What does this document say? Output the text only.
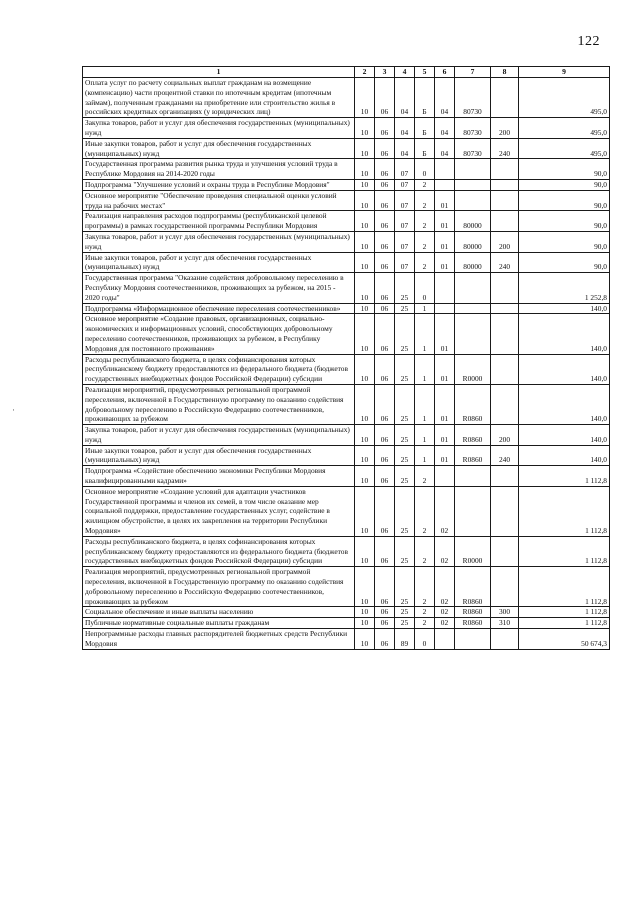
122
·
1	2	3	4	5	6	7	8	9
Оплата услуг по расчету социальных выплат гражданам на возмещение (компенсацию) части процентной ставки по ипотечным кредитам (ипотечным займам), полученным гражданами на приобретение или строительство жилья в российских кредитных организациях (у юридических лиц)	10	06	04	Б	04	80730		495,0
Закупка товаров, работ и услуг для обеспечения государственных (муниципальных) нужд	10	06	04	Б	04	80730	200	495,0
Иные закупки товаров, работ и услуг для обеспечения государственных (муниципальных) нужд	10	06	04	Б	04	80730	240	495,0
Государственная программа развития рынка труда и улучшения условий труда в Республике Мордовия на 2014-2020 годы	10	06	07	0				90,0
Подпрограмма "Улучшение условий и охраны труда в Республике Мордовия"	10	06	07	2				90,0
Основное мероприятие "Обеспечение проведения специальной оценки условий труда на рабочих местах"	10	06	07	2	01			90,0
Реализация направления расходов подпрограммы (республиканской целевой программы) в рамках государственной программы Республики Мордовия	10	06	07	2	01	80000		90,0
Закупка товаров, работ и услуг для обеспечения государственных (муниципальных) нужд	10	06	07	2	01	80000	200	90,0
Иные закупки товаров, работ и услуг для обеспечения государственных (муниципальных) нужд	10	06	07	2	01	80000	240	90,0
Государственная программа "Оказание содействия добровольному переселению в Республику Мордовия соотечественников, проживающих за рубежом, на 2015 - 2020 годы"	10	06	25	0				1 252,8
Подпрограмма «Информационное обеспечение переселения соотечественников»	10	06	25	1				140,0
Основное мероприятие «Создание правовых, организационных, социально-экономических и информационных условий, способствующих добровольному переселению соотечественников, проживающих за рубежом, в Республику Мордовия для постоянного проживания»	10	06	25	1	01			140,0
Расходы республиканского бюджета, в целях софинансирования которых республиканскому бюджету предоставляются из федерального бюджета (бюджетов государственных внебюджетных фондов Российской Федерации) субсидии	10	06	25	1	01	R0000		140,0
Реализация мероприятий, предусмотренных региональной программой переселения, включенной в Государственную программу по оказанию содействия добровольному переселению в Российскую Федерацию соотечественников, проживающих за рубежом	10	06	25	1	01	R0860		140,0
Закупка товаров, работ и услуг для обеспечения государственных (муниципальных) нужд	10	06	25	1	01	R0860	200	140,0
Иные закупки товаров, работ и услуг для обеспечения государственных (муниципальных) нужд	10	06	25	1	01	R0860	240	140,0
Подпрограмма «Содействие обеспечению экономики Республики Мордовия квалифицированными кадрами»	10	06	25	2				1 112,8
Основное мероприятие «Создание условий для адаптации участников Государственной программы и членов их семей, в том числе оказание мер социальной поддержки, предоставление государственных услуг, содействие в жилищном обустройстве, в целях их закрепления на территории Республики Мордовия»	10	06	25	2	02			1 112,8
Расходы республиканского бюджета, в целях софинансирования которых республиканскому бюджету предоставляются из федерального бюджета (бюджетов государственных внебюджетных фондов Российской Федерации) субсидии	10	06	25	2	02	R0000		1 112,8
Реализация мероприятий, предусмотренных региональной программой переселения, включенной в Государственную программу по оказанию содействия добровольному переселению в Российскую Федерацию соотечественников, проживающих за рубежом	10	06	25	2	02	R0860		1 112,8
Социальное обеспечение и иные выплаты населению	10	06	25	2	02	R0860	300	1 112,8
Публичные нормативные социальные выплаты гражданам	10	06	25	2	02	R0860	310	1 112,8
Непрограммные расходы главных распорядителей бюджетных средств Республики Мордовия	10	06	89	0				50 674,3
